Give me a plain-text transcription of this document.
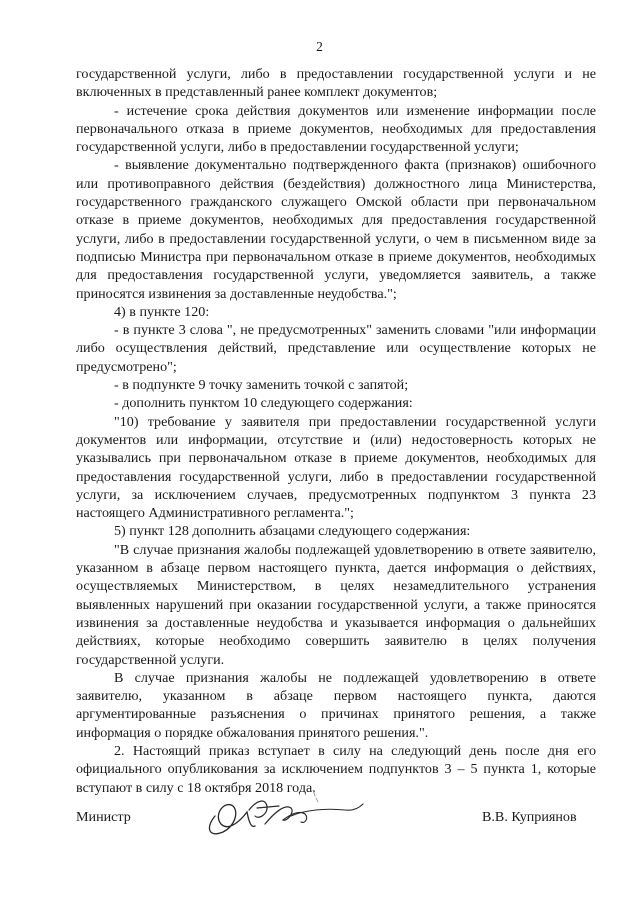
2

государственной услуги, либо в предоставлении государственной услуги и не включенных в представленный ранее комплект документов;

- истечение срока действия документов или изменение информации после первоначального отказа в приеме документов, необходимых для предоставления государственной услуги, либо в предоставлении государственной услуги;

- выявление документально подтвержденного факта (признаков) ошибочного или противоправного действия (бездействия) должностного лица Министерства, государственного гражданского служащего Омской области при первоначальном отказе в приеме документов, необходимых для предоставления государственной услуги, либо в предоставлении государственной услуги, о чем в письменном виде за подписью Министра при первоначальном отказе в приеме документов, необходимых для предоставления государственной услуги, уведомляется заявитель, а также приносятся извинения за доставленные неудобства.";

4) в пункте 120:

- в пункте 3 слова ", не предусмотренных" заменить словами "или информации либо осуществления действий, представление или осуществление которых не предусмотрено";

- в подпункте 9 точку заменить точкой с запятой;

- дополнить пунктом 10 следующего содержания:

"10) требование у заявителя при предоставлении государственной услуги документов или информации, отсутствие и (или) недостоверность которых не указывались при первоначальном отказе в приеме документов, необходимых для предоставления государственной услуги, либо в предоставлении государственной услуги, за исключением случаев, предусмотренных подпунктом 3 пункта 23 настоящего Административного регламента.";

5) пункт 128 дополнить абзацами следующего содержания:

"В случае признания жалобы подлежащей удовлетворению в ответе заявителю, указанном в абзаце первом настоящего пункта, дается информация о действиях, осуществляемых Министерством, в целях незамедлительного устранения выявленных нарушений при оказании государственной услуги, а также приносятся извинения за доставленные неудобства и указывается информация о дальнейших действиях, которые необходимо совершить заявителю в целях получения государственной услуги.

В случае признания жалобы не подлежащей удовлетворению в ответе заявителю, указанном в абзаце первом настоящего пункта, даются аргументированные разъяснения о причинах принятого решения, а также информация о порядке обжалования принятого решения.".

2. Настоящий приказ вступает в силу на следующий день после дня его официального опубликования за исключением подпунктов 3 – 5 пункта 1, которые вступают в силу с 18 октября 2018 года.

Министр	В.В. Куприянов
